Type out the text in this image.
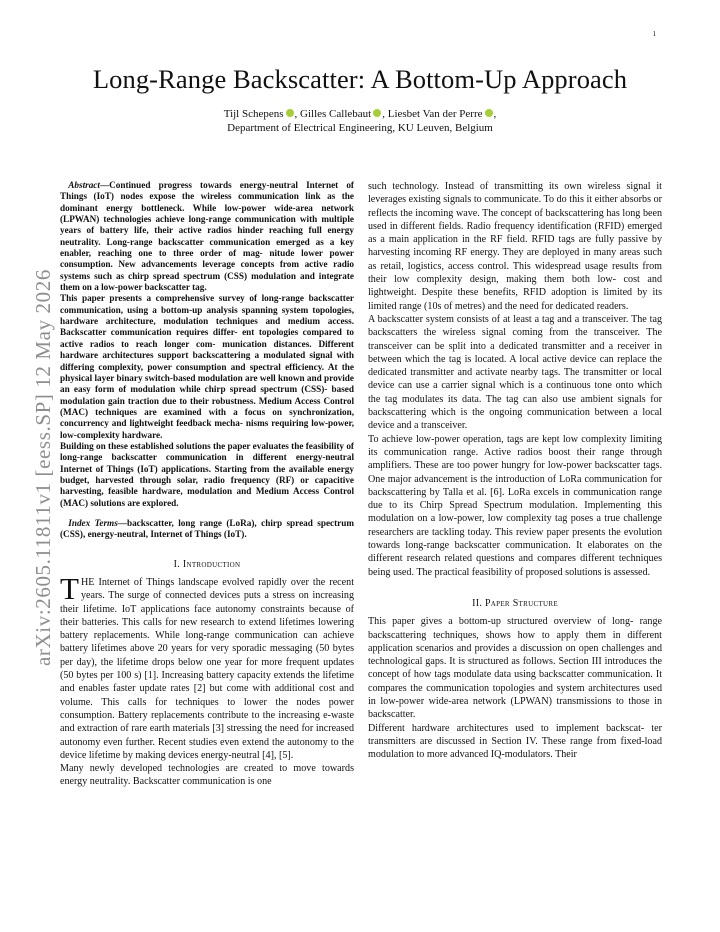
1
arXiv:2605.11811v1 [eess.SP] 12 May 2026
Long-Range Backscatter: A Bottom-Up Approach
Tijl Schepens , Gilles Callebaut , Liesbet Van der Perre ,
Department of Electrical Engineering, KU Leuven, Belgium

Abstract—Continued progress towards energy-neutral Internet of Things (IoT) nodes expose the wireless communication link as the dominant energy bottleneck. While low-power wide-area network (LPWAN) technologies achieve long-range communication with multiple years of battery life, their active radios hinder reaching full energy neutrality. Long-range backscatter communication emerged as a key enabler, reaching one to three order of mag- nitude lower power consumption. New advancements leverage concepts from active radio systems such as chirp spread spectrum (CSS) modulation and integrate them on a low-power backscatter tag.

This paper presents a comprehensive survey of long-range backscatter communication, using a bottom-up analysis spanning system topologies, hardware architecture, modulation techniques and medium access. Backscatter communication requires differ- ent topologies compared to active radios to reach longer com- munication distances. Different hardware architectures support backscattering a modulated signal with differing complexity, power consumption and spectral efficiency. At the physical layer binary switch-based modulation are well known and provide an easy form of modulation while chirp spread spectrum (CSS)- based modulation gain traction due to their robustness. Medium Access Control (MAC) techniques are examined with a focus on synchronization, concurrency and lightweight feedback mecha- nisms requiring low-power, low-complexity hardware.

Building on these established solutions the paper evaluates the feasibility of long-range backscatter communication in different energy-neutral Internet of Things (IoT) applications. Starting from the available energy budget, harvested through solar, radio frequency (RF) or capacitive harvesting, feasible hardware, modulation and Medium Access Control (MAC) solutions are explored.

Index Terms—backscatter, long range (LoRa), chirp spread spectrum (CSS), energy-neutral, Internet of Things (IoT).

I. Introduction

THE Internet of Things landscape evolved rapidly over the recent years. The surge of connected devices puts a stress on increasing their lifetime. IoT applications face autonomy constraints because of their batteries. This calls for new research to extend lifetimes lowering battery replacements. While long-range communication can achieve battery lifetimes above 20 years for very sporadic messaging (50 bytes per day), the lifetime drops below one year for more frequent updates (50 bytes per 100 s) [1]. Increasing battery capacity extends the lifetime and enables faster update rates [2] but come with additional cost and volume. This calls for techniques to lower the nodes power consumption. Battery replacements contribute to the increasing e-waste and extraction of rare earth materials [3] stressing the need for increased autonomy even further. Recent studies even extend the autonomy to the device lifetime by making devices energy-neutral [4], [5].

Many newly developed technologies are created to move towards energy neutrality. Backscatter communication is one

such technology. Instead of transmitting its own wireless signal it leverages existing signals to communicate. To do this it either absorbs or reflects the incoming wave. The concept of backscattering has long been used in different fields. Radio frequency identification (RFID) emerged as a main application in the RF field. RFID tags are fully passive by harvesting incoming RF energy. They are deployed in many areas such as retail, logistics, access control. This widespread usage results from their low complexity design, making them both low- cost and lightweight. Despite these benefits, RFID adoption is limited by its limited range (10s of metres) and the need for dedicated readers.

A backscatter system consists of at least a tag and a transceiver. The tag backscatters the wireless signal coming from the transceiver. The transceiver can be split into a dedicated transmitter and a receiver in between which the tag is located. A local active device can replace the dedicated transmitter and activate nearby tags. The transmitter or local device can use a carrier signal which is a continuous tone onto which the tag modulates its data. The tag can also use ambient signals for backscattering which is the ongoing communication between a local device and a transceiver.

To achieve low-power operation, tags are kept low complexity limiting its communication range. Active radios boost their range through amplifiers. These are too power hungry for low-power backscatter tags. One major advancement is the introduction of LoRa communication for backscattering by Talla et al. [6]. LoRa excels in communication range due to its Chirp Spread Spectrum modulation. Implementing this modulation on a low-power, low complexity tag poses a true challenge researchers are tackling today. This review paper presents the evolution towards long-range backscatter communication. It elaborates on the different research related questions and compares different techniques being used. The practical feasibility of proposed solutions is assessed.

II. Paper Structure

This paper gives a bottom-up structured overview of long- range backscattering techniques, shows how to apply them in different application scenarios and provides a discussion on open challenges and technological gaps. It is structured as follows. Section III introduces the concept of how tags modulate data using backscatter communication. It compares the communication topologies and system architectures used in low-power wide-area network (LPWAN) transmissions to those in backscatter.

Different hardware architectures used to implement backscat- ter transmitters are discussed in Section IV. These range from fixed-load modulation to more advanced IQ-modulators. Their
